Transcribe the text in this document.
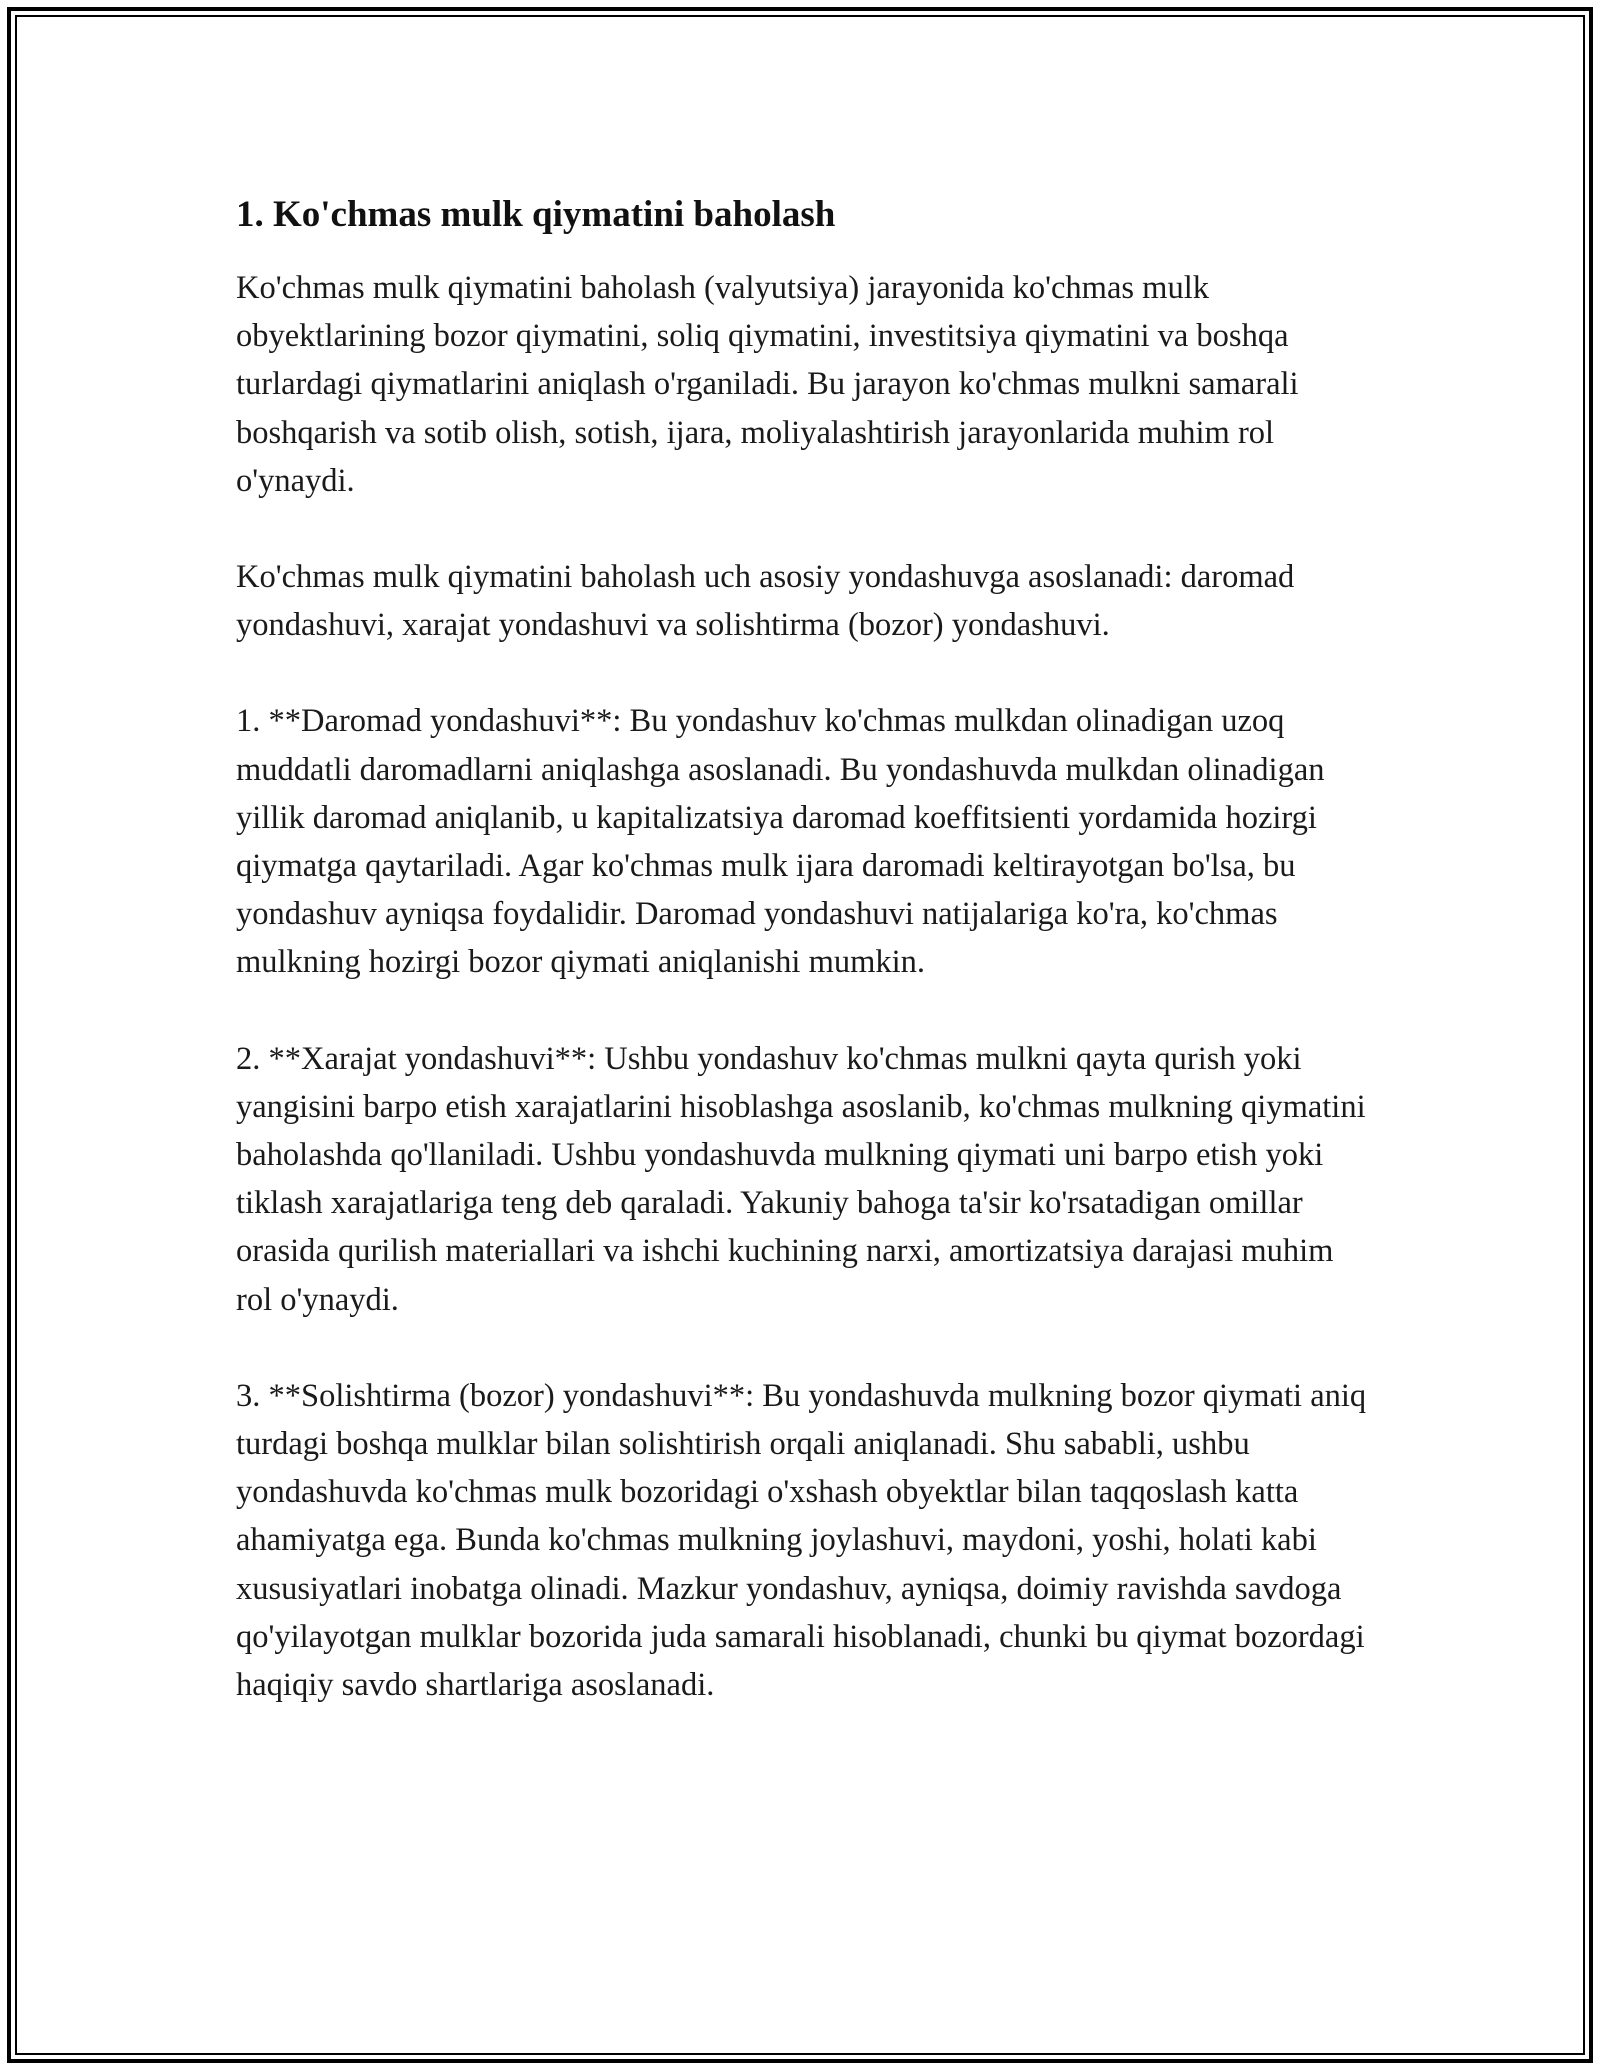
1. Ko'chmas mulk qiymatini baholash

Ko'chmas mulk qiymatini baholash (valyutsiya) jarayonida ko'chmas mulk obyektlarining bozor qiymatini, soliq qiymatini, investitsiya qiymatini va boshqa turlardagi qiymatlarini aniqlash o'rganiladi. Bu jarayon ko'chmas mulkni samarali boshqarish va sotib olish, sotish, ijara, moliyalashtirish jarayonlarida muhim rol o'ynaydi.

Ko'chmas mulk qiymatini baholash uch asosiy yondashuvga asoslanadi: daromad yondashuvi, xarajat yondashuvi va solishtirma (bozor) yondashuvi.

1. **Daromad yondashuvi**: Bu yondashuv ko'chmas mulkdan olinadigan uzoq muddatli daromadlarni aniqlashga asoslanadi. Bu yondashuvda mulkdan olinadigan yillik daromad aniqlanib, u kapitalizatsiya daromad koeffitsienti yordamida hozirgi qiymatga qaytariladi. Agar ko'chmas mulk ijara daromadi keltirayotgan bo'lsa, bu yondashuv ayniqsa foydalidir. Daromad yondashuvi natijalariga ko'ra, ko'chmas mulkning hozirgi bozor qiymati aniqlanishi mumkin.

2. **Xarajat yondashuvi**: Ushbu yondashuv ko'chmas mulkni qayta qurish yoki yangisini barpo etish xarajatlarini hisoblashga asoslanib, ko'chmas mulkning qiymatini baholashda qo'llaniladi. Ushbu yondashuvda mulkning qiymati uni barpo etish yoki tiklash xarajatlariga teng deb qaraladi. Yakuniy bahoga ta'sir ko'rsatadigan omillar orasida qurilish materiallari va ishchi kuchining narxi, amortizatsiya darajasi muhim rol o'ynaydi.

3. **Solishtirma (bozor) yondashuvi**: Bu yondashuvda mulkning bozor qiymati aniq turdagi boshqa mulklar bilan solishtirish orqali aniqlanadi. Shu sababli, ushbu yondashuvda ko'chmas mulk bozoridagi o'xshash obyektlar bilan taqqoslash katta ahamiyatga ega. Bunda ko'chmas mulkning joylashuvi, maydoni, yoshi, holati kabi xususiyatlari inobatga olinadi. Mazkur yondashuv, ayniqsa, doimiy ravishda savdoga qo'yilayotgan mulklar bozorida juda samarali hisoblanadi, chunki bu qiymat bozordagi haqiqiy savdo shartlariga asoslanadi.
